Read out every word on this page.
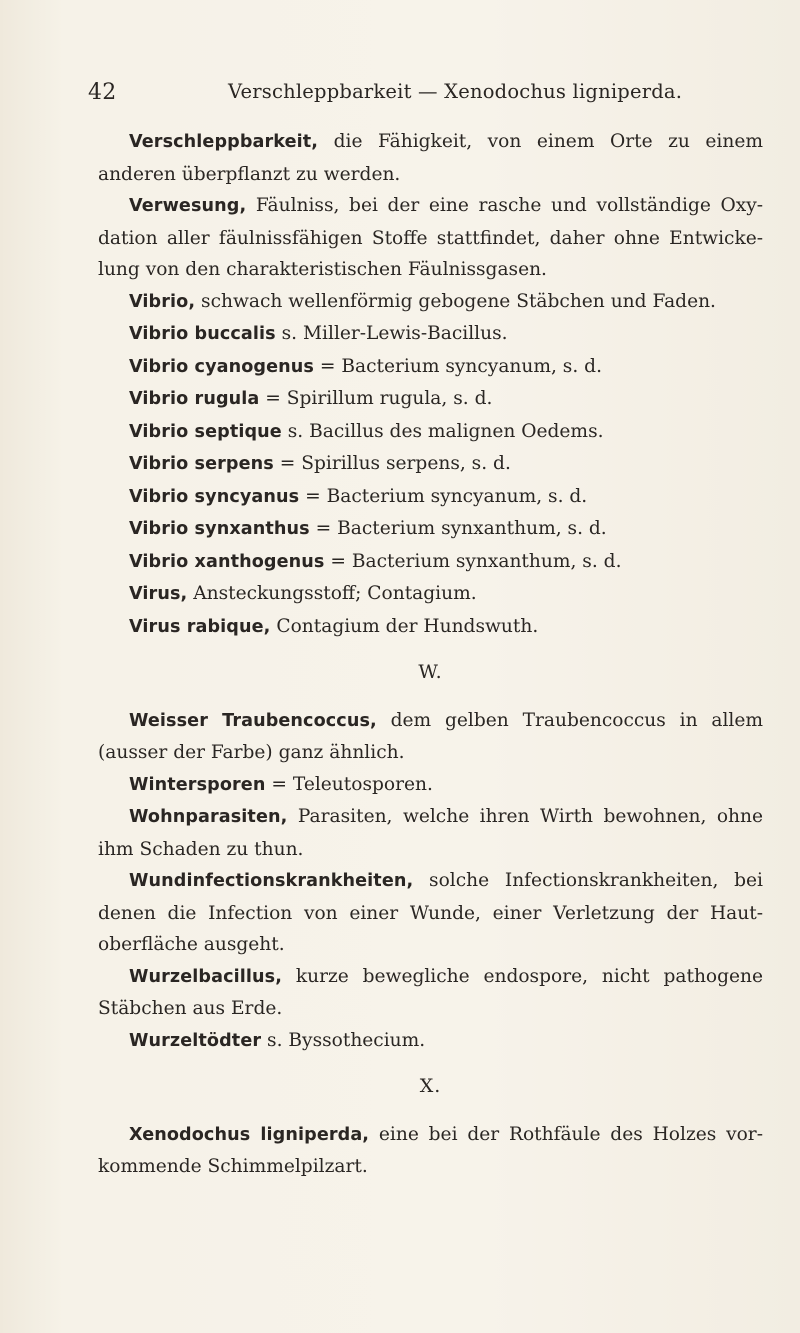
42	Verschleppbarkeit — Xenodochus ligniperda.

Verschleppbarkeit, die Fähigkeit, von einem Orte zu einem anderen überpflanzt zu werden.

Verwesung, Fäulniss, bei der eine rasche und vollständige Oxy-dation aller fäulnissfähigen Stoffe stattfindet, daher ohne Entwicke-lung von den charakteristischen Fäulnissgasen.

Vibrio, schwach wellenförmig gebogene Stäbchen und Faden.

Vibrio buccalis s. Miller-Lewis-Bacillus.

Vibrio cyanogenus = Bacterium syncyanum, s. d.

Vibrio rugula = Spirillum rugula, s. d.

Vibrio septique s. Bacillus des malignen Oedems.

Vibrio serpens = Spirillus serpens, s. d.

Vibrio syncyanus = Bacterium syncyanum, s. d.

Vibrio synxanthus = Bacterium synxanthum, s. d.

Vibrio xanthogenus = Bacterium synxanthum, s. d.

Virus, Ansteckungsstoff; Contagium.

Virus rabique, Contagium der Hundswuth.

W.

Weisser Traubencoccus, dem gelben Traubencoccus in allem (ausser der Farbe) ganz ähnlich.

Wintersporen = Teleutosporen.

Wohnparasiten, Parasiten, welche ihren Wirth bewohnen, ohne ihm Schaden zu thun.

Wundinfectionskrankheiten, solche Infectionskrankheiten, bei denen die Infection von einer Wunde, einer Verletzung der Haut-oberfläche ausgeht.

Wurzelbacillus, kurze bewegliche endospore, nicht pathogene Stäbchen aus Erde.

Wurzeltödter s. Byssothecium.

X.

Xenodochus ligniperda, eine bei der Rothfäule des Holzes vor-kommende Schimmelpilzart.
